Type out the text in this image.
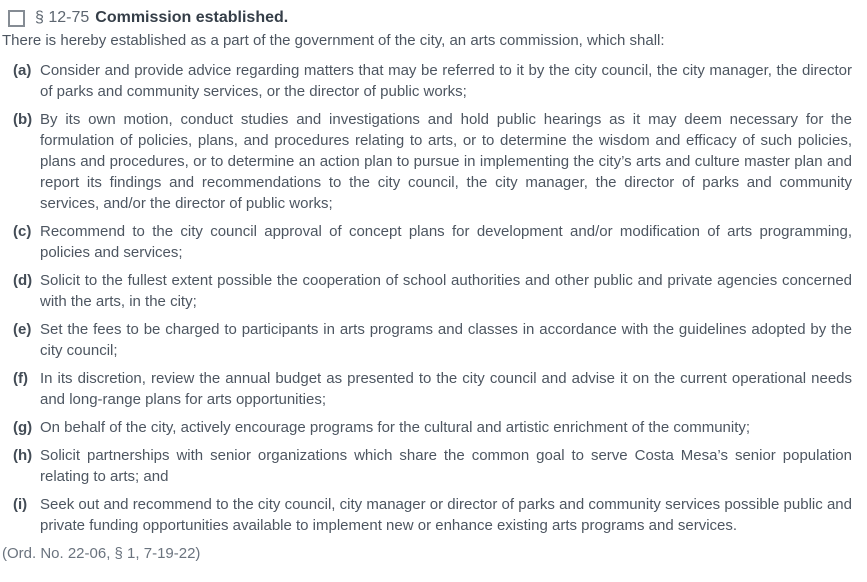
§ 12-75 Commission established.

There is hereby established as a part of the government of the city, an arts commission, which shall:

(a) Consider and provide advice regarding matters that may be referred to it by the city council, the city manager, the director of parks and community services, or the director of public works;
(b) By its own motion, conduct studies and investigations and hold public hearings as it may deem necessary for the formulation of policies, plans, and procedures relating to arts, or to determine the wisdom and efficacy of such policies, plans and procedures, or to determine an action plan to pursue in implementing the city’s arts and culture master plan and report its findings and recommendations to the city council, the city manager, the director of parks and community services, and/or the director of public works;
(c) Recommend to the city council approval of concept plans for development and/or modification of arts programming, policies and services;
(d) Solicit to the fullest extent possible the cooperation of school authorities and other public and private agencies concerned with the arts, in the city;
(e) Set the fees to be charged to participants in arts programs and classes in accordance with the guidelines adopted by the city council;
(f) In its discretion, review the annual budget as presented to the city council and advise it on the current operational needs and long-range plans for arts opportunities;
(g) On behalf of the city, actively encourage programs for the cultural and artistic enrichment of the community;
(h) Solicit partnerships with senior organizations which share the common goal to serve Costa Mesa’s senior population relating to arts; and
(i) Seek out and recommend to the city council, city manager or director of parks and community services possible public and private funding opportunities available to implement new or enhance existing arts programs and services.

(Ord. No. 22-06, § 1, 7-19-22)
